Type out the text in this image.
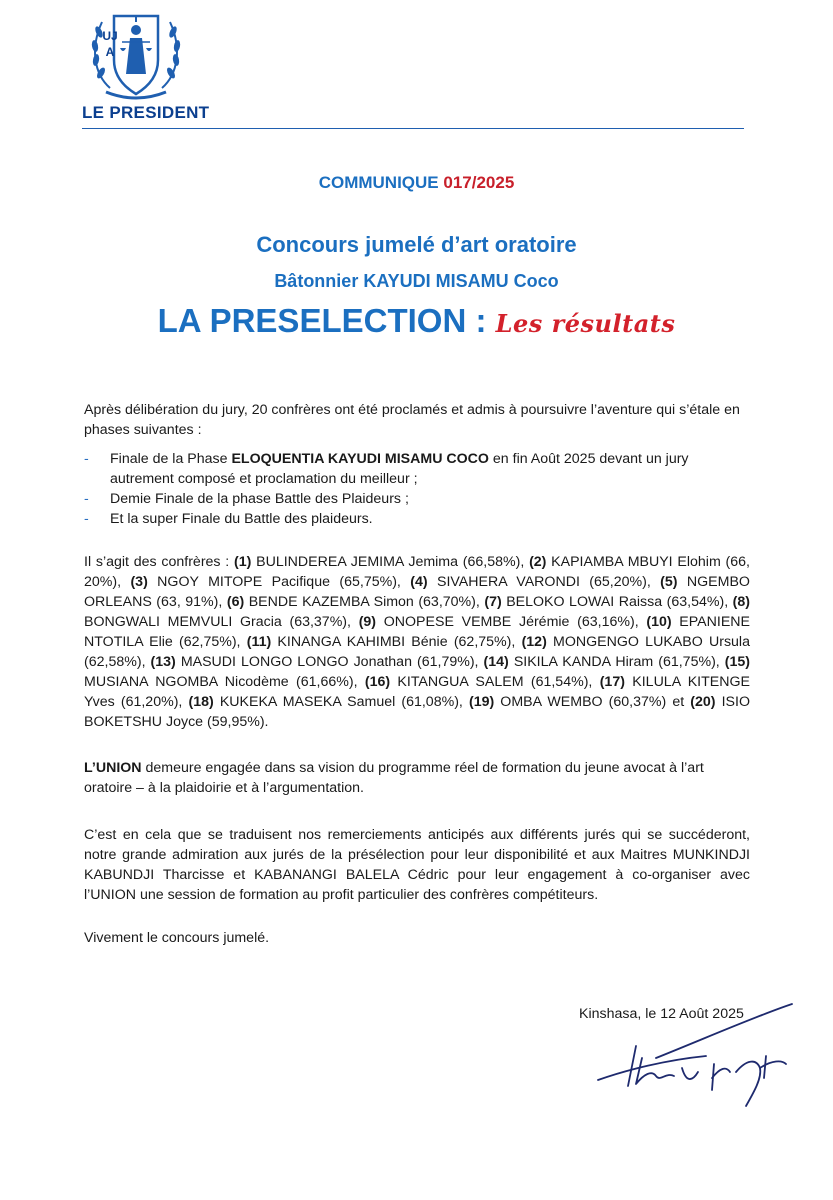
UJA
LE PRESIDENT
COMMUNIQUE 017/2025
Concours jumelé d’art oratoire
Bâtonnier KAYUDI MISAMU Coco
LA PRESELECTION : Les résultats
Après délibération du jury, 20 confrères ont été proclamés et admis à poursuivre l’aventure qui s’étale en phases suivantes :
- Finale de la Phase ELOQUENTIA KAYUDI MISAMU COCO en fin Août 2025 devant un jury autrement composé et proclamation du meilleur ;
- Demie Finale de la phase Battle des Plaideurs ;
- Et la super Finale du Battle des plaideurs.
Il s’agit des confrères : (1) BULINDEREA JEMIMA Jemima (66,58%), (2) KAPIAMBA MBUYI Elohim (66, 20%), (3) NGOY MITOPE Pacifique (65,75%), (4) SIVAHERA VARONDI (65,20%), (5) NGEMBO ORLEANS (63, 91%), (6) BENDE KAZEMBA Simon (63,70%), (7) BELOKO LOWAI Raissa (63,54%), (8) BONGWALI MEMVULI Gracia (63,37%), (9) ONOPESE VEMBE Jérémie (63,16%), (10) EPANIENE NTOTILA Elie (62,75%), (11) KINANGA KAHIMBI Bénie (62,75%), (12) MONGENGO LUKABO Ursula (62,58%), (13) MASUDI LONGO LONGO Jonathan (61,79%), (14) SIKILA KANDA Hiram (61,75%), (15) MUSIANA NGOMBA Nicodème (61,66%), (16) KITANGUA SALEM (61,54%), (17) KILULA KITENGE Yves (61,20%), (18) KUKEKA MASEKA Samuel (61,08%), (19) OMBA WEMBO (60,37%) et (20) ISIO BOKETSHU Joyce (59,95%).
L’UNION demeure engagée dans sa vision du programme réel de formation du jeune avocat à l’art oratoire – à la plaidoirie et à l’argumentation.
C’est en cela que se traduisent nos remerciements anticipés aux différents jurés qui se succéderont, notre grande admiration aux jurés de la présélection pour leur disponibilité et aux Maitres MUNKINDJI KABUNDJI Tharcisse et KABANANGI BALELA Cédric pour leur engagement à co-organiser avec l’UNION une session de formation au profit particulier des confrères compétiteurs.
Vivement le concours jumelé.
Kinshasa, le 12 Août 2025
